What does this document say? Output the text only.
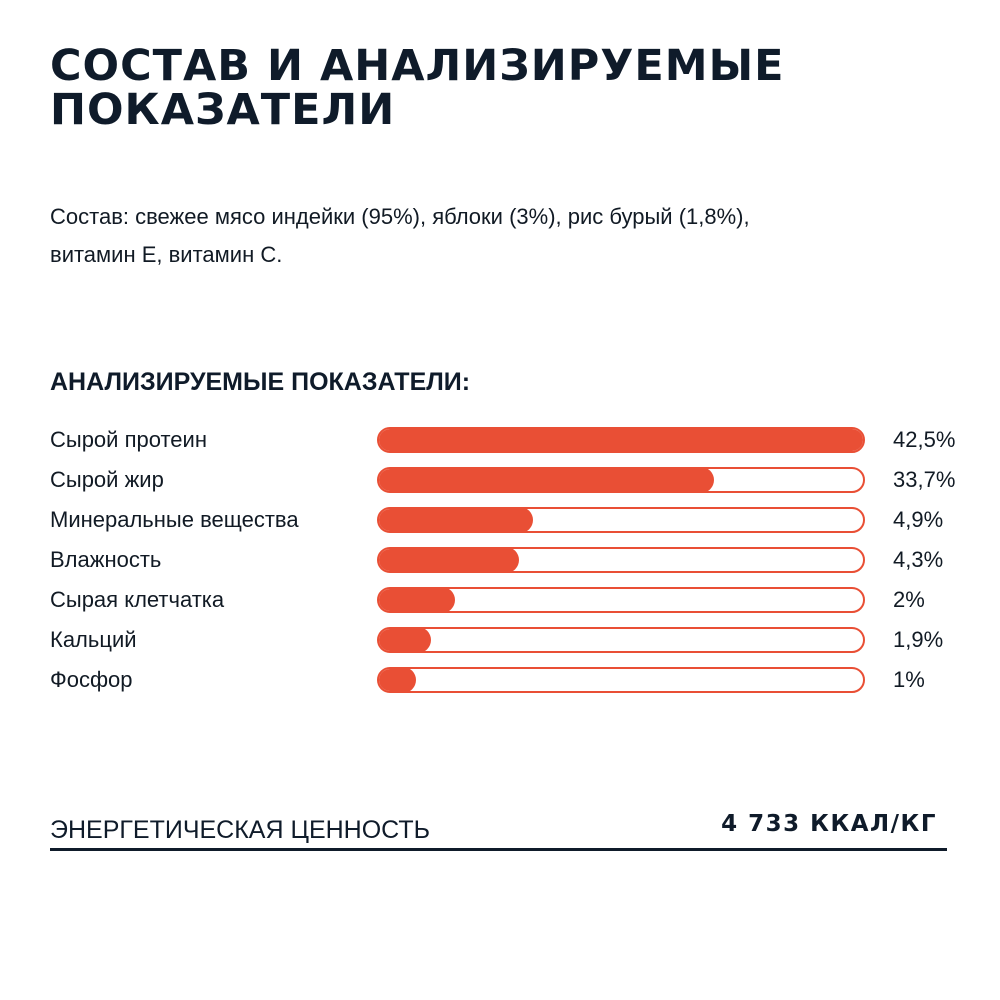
СОСТАВ И АНАЛИЗИРУЕМЫЕ
ПОКАЗАТЕЛИ

Состав: свежее мясо индейки (95%), яблоки (3%), рис бурый (1,8%),
витамин Е, витамин С.

АНАЛИЗИРУЕМЫЕ ПОКАЗАТЕЛИ:
Сырой протеин	42,5%
Сырой жир	33,7%
Минеральные вещества	4,9%
Влажность	4,3%
Сырая клетчатка	2%
Кальций	1,9%
Фосфор	1%
ЭНЕРГЕТИЧЕСКАЯ ЦЕННОСТЬ	4 733 ККАЛ/КГ
